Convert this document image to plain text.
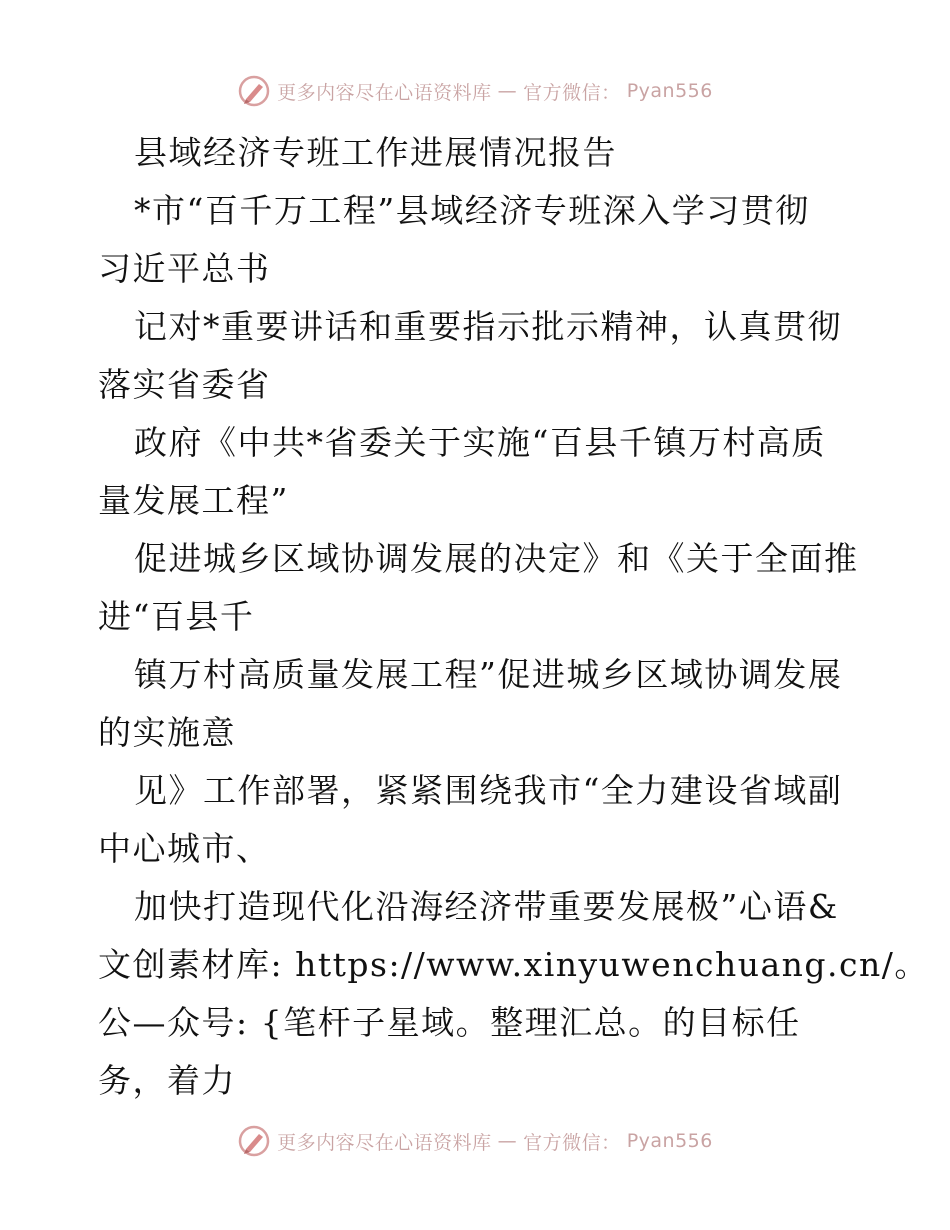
更多内容尽在心语资料库 — 官方微信： Pyan556

县域经济专班工作进展情况报告

*市“百千万工程”县域经济专班深入学习贯彻

习近平总书

记对*重要讲话和重要指示批示精神，认真贯彻

落实省委省

政府《中共*省委关于实施“百县千镇万村高质

量发展工程”

促进城乡区域协调发展的决定》和《关于全面推

进“百县千

镇万村高质量发展工程”促进城乡区域协调发展

的实施意

见》工作部署，紧紧围绕我市“全力建设省域副

中心城市、

加快打造现代化沿海经济带重要发展极”心语&

文创素材库: https://www.xinyuwenchuang.cn/。

公—众号: {笔杆子星域。整理汇总。的目标任

务，着力

更多内容尽在心语资料库 — 官方微信： Pyan556
